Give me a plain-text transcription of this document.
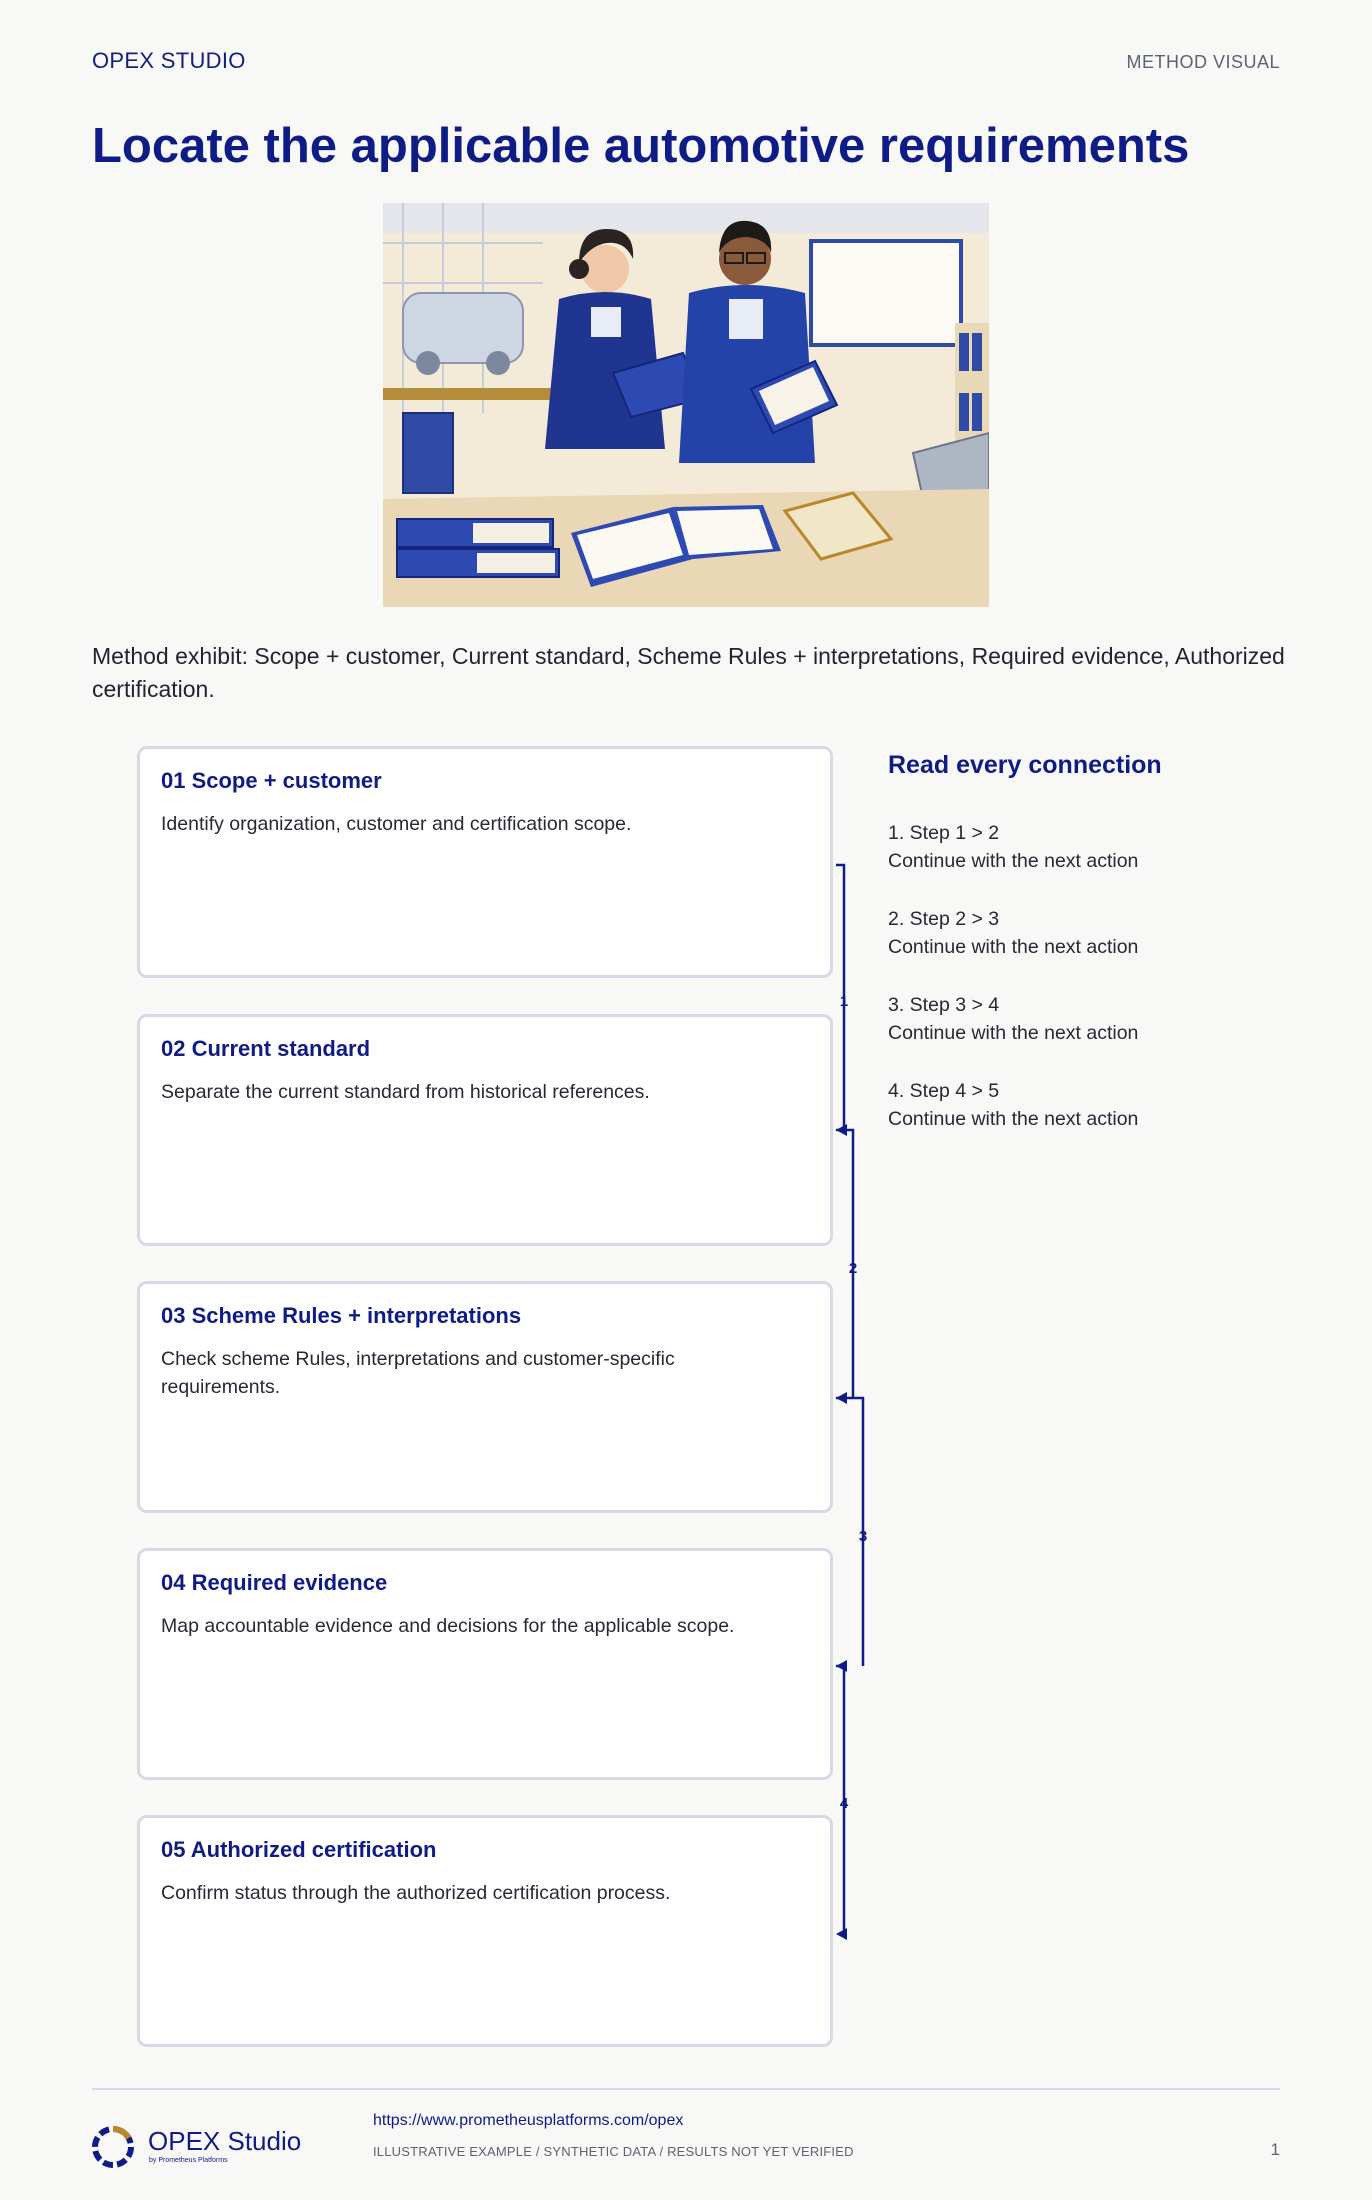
OPEX STUDIO	METHOD VISUAL
Locate the applicable automotive requirements

Method exhibit: Scope + customer, Current standard, Scheme Rules + interpretations, Required evidence, Authorized certification.

01 Scope + customer
Identify organization, customer and certification scope.
02 Current standard
Separate the current standard from historical references.
03 Scheme Rules + interpretations
Check scheme Rules, interpretations and customer-specific requirements.
04 Required evidence
Map accountable evidence and decisions for the applicable scope.
05 Authorized certification
Confirm status through the authorized certification process.
1
2
3
4
Read every connection
1. Step 1 > 2
Continue with the next action
2. Step 2 > 3
Continue with the next action
3. Step 3 > 4
Continue with the next action
4. Step 4 > 5
Continue with the next action
OPEX Studio
by Prometheus Platforms
https://www.prometheusplatforms.com/opex
ILLUSTRATIVE EXAMPLE / SYNTHETIC DATA / RESULTS NOT YET VERIFIED	1
